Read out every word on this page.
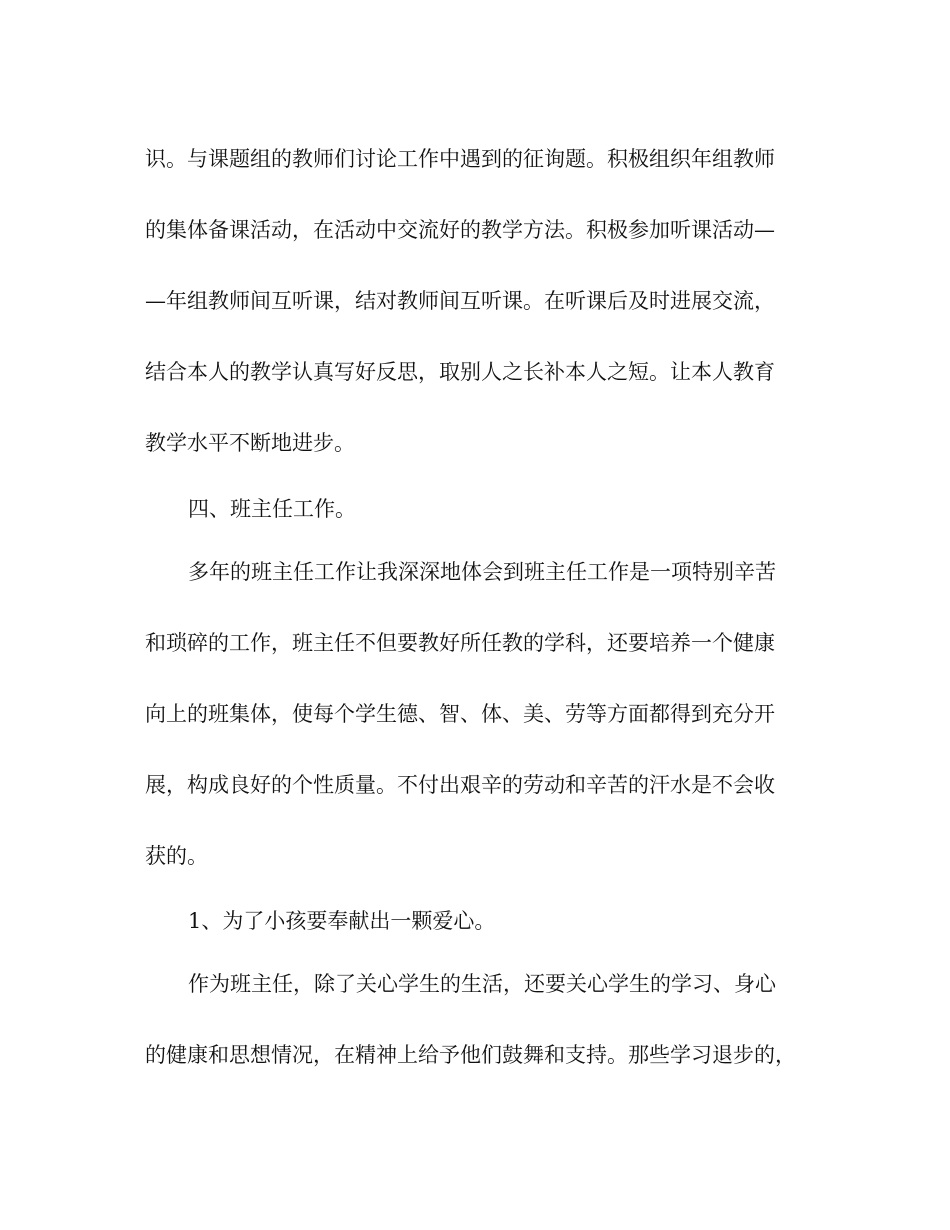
识。与课题组的教师们讨论工作中遇到的征询题。积极组织年组教师
的集体备课活动，在活动中交流好的教学方法。积极参加听课活动—
—年组教师间互听课，结对教师间互听课。在听课后及时进展交流，
结合本人的教学认真写好反思，取别人之长补本人之短。让本人教育
教学水平不断地进步。
四、班主任工作。
多年的班主任工作让我深深地体会到班主任工作是一项特别辛苦
和琐碎的工作，班主任不但要教好所任教的学科，还要培养一个健康
向上的班集体，使每个学生德、智、体、美、劳等方面都得到充分开
展，构成良好的个性质量。不付出艰辛的劳动和辛苦的汗水是不会收
获的。
1、为了小孩要奉献出一颗爱心。
作为班主任，除了关心学生的生活，还要关心学生的学习、身心
的健康和思想情况，在精神上给予他们鼓舞和支持。那些学习退步的，
